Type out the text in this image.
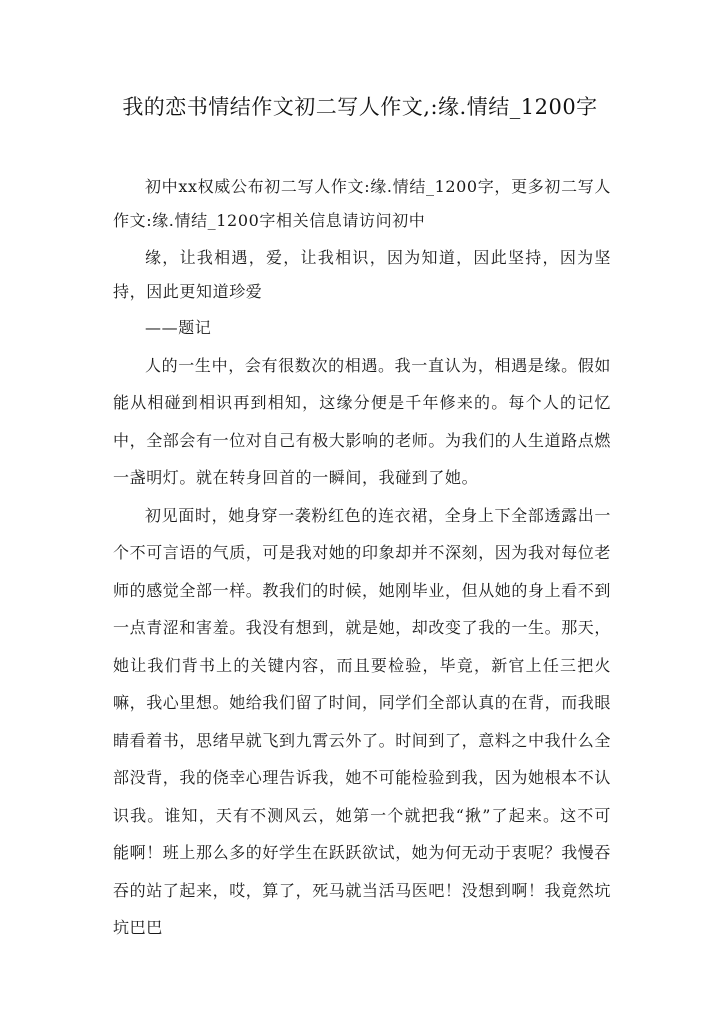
我的恋书情结作文初二写人作文,:缘.情结_1200字

初中xx权威公布初二写人作文:缘.情结_1200字，更多初二写人作文:缘.情结_1200字相关信息请访问初中

缘，让我相遇，爱，让我相识，因为知道，因此坚持，因为坚持，因此更知道珍爱

——题记

人的一生中，会有很数次的相遇。我一直认为，相遇是缘。假如能从相碰到相识再到相知，这缘分便是千年修来的。每个人的记忆中，全部会有一位对自己有极大影响的老师。为我们的人生道路点燃一盏明灯。就在转身回首的一瞬间，我碰到了她。

初见面时，她身穿一袭粉红色的连衣裙，全身上下全部透露出一个不可言语的气质，可是我对她的印象却并不深刻，因为我对每位老师的感觉全部一样。教我们的时候，她刚毕业，但从她的身上看不到一点青涩和害羞。我没有想到，就是她，却改变了我的一生。那天，她让我们背书上的关键内容，而且要检验，毕竟，新官上任三把火嘛，我心里想。她给我们留了时间，同学们全部认真的在背，而我眼睛看着书，思绪早就飞到九霄云外了。时间到了，意料之中我什么全部没背，我的侥幸心理告诉我，她不可能检验到我，因为她根本不认识我。谁知，天有不测风云，她第一个就把我“揪”了起来。这不可能啊！班上那么多的好学生在跃跃欲试，她为何无动于衷呢？我慢吞吞的站了起来，哎，算了，死马就当活马医吧！没想到啊！我竟然坑坑巴巴
